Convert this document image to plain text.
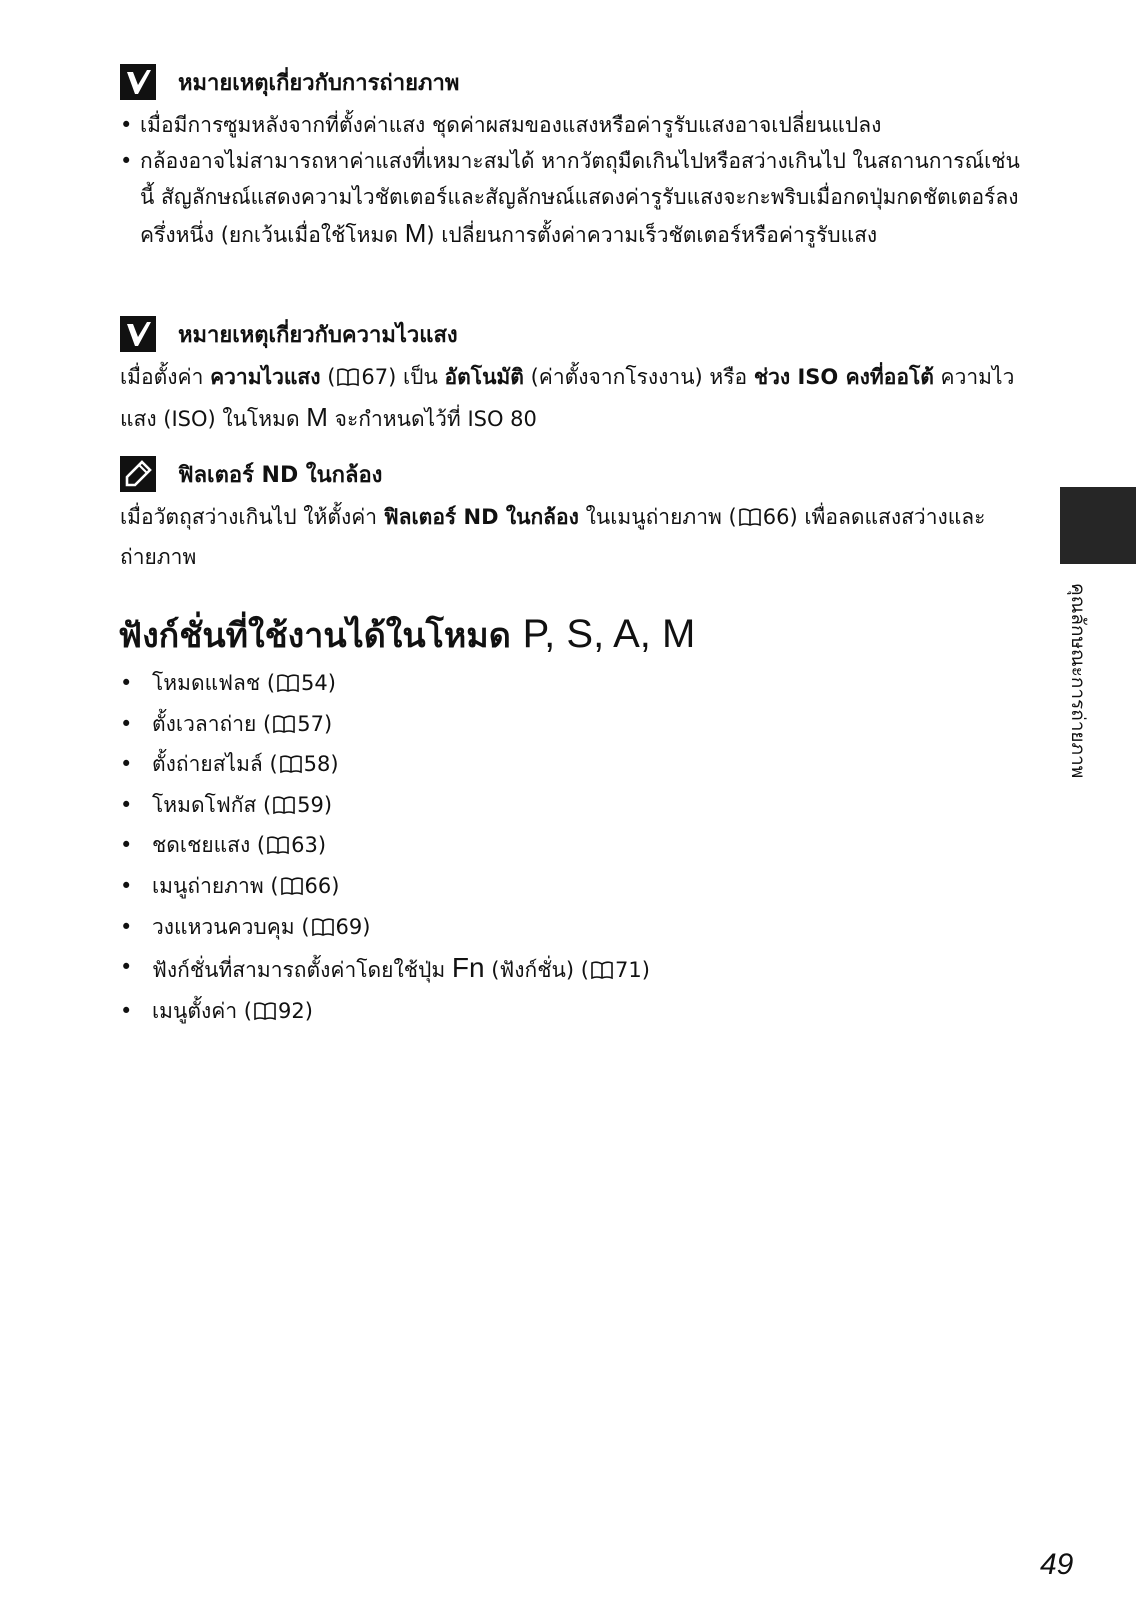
หมายเหตุเกี่ยวกับการถ่ายภาพ
• เมื่อมีการซูมหลังจากที่ตั้งค่าแสง ชุดค่าผสมของแสงหรือค่ารูรับแสงอาจเปลี่ยนแปลง
• กล้องอาจไม่สามารถหาค่าแสงที่เหมาะสมได้ หากวัตถุมืดเกินไปหรือสว่างเกินไป ในสถานการณ์เช่นนี้ สัญลักษณ์แสดงความไวชัตเตอร์และสัญลักษณ์แสดงค่ารูรับแสงจะกะพริบเมื่อกดปุ่มกดชัตเตอร์ลงครึ่งหนึ่ง (ยกเว้นเมื่อใช้โหมด M) เปลี่ยนการตั้งค่าความเร็วชัตเตอร์หรือค่ารูรับแสง
หมายเหตุเกี่ยวกับความไวแสง
เมื่อตั้งค่า ความไวแสง ( 67) เป็น อัตโนมัติ (ค่าตั้งจากโรงงาน) หรือ ช่วง ISO คงที่ออโต้ ความไวแสง (ISO) ในโหมด M จะกำหนดไว้ที่ ISO 80
ฟิลเตอร์ ND ในกล้อง
เมื่อวัตถุสว่างเกินไป ให้ตั้งค่า ฟิลเตอร์ ND ในกล้อง ในเมนูถ่ายภาพ ( 66) เพื่อลดแสงสว่างและถ่ายภาพ
ฟังก์ชั่นที่ใช้งานได้ในโหมด P, S, A, M
• โหมดแฟลช ( 54)
• ตั้งเวลาถ่าย ( 57)
• ตั้งถ่ายสไมล์ ( 58)
• โหมดโฟกัส ( 59)
• ชดเชยแสง ( 63)
• เมนูถ่ายภาพ ( 66)
• วงแหวนควบคุม ( 69)
• ฟังก์ชั่นที่สามารถตั้งค่าโดยใช้ปุ่ม Fn (ฟังก์ชั่น) ( 71)
• เมนูตั้งค่า ( 92)
คุณลักษณะการถ่ายภาพ
49
